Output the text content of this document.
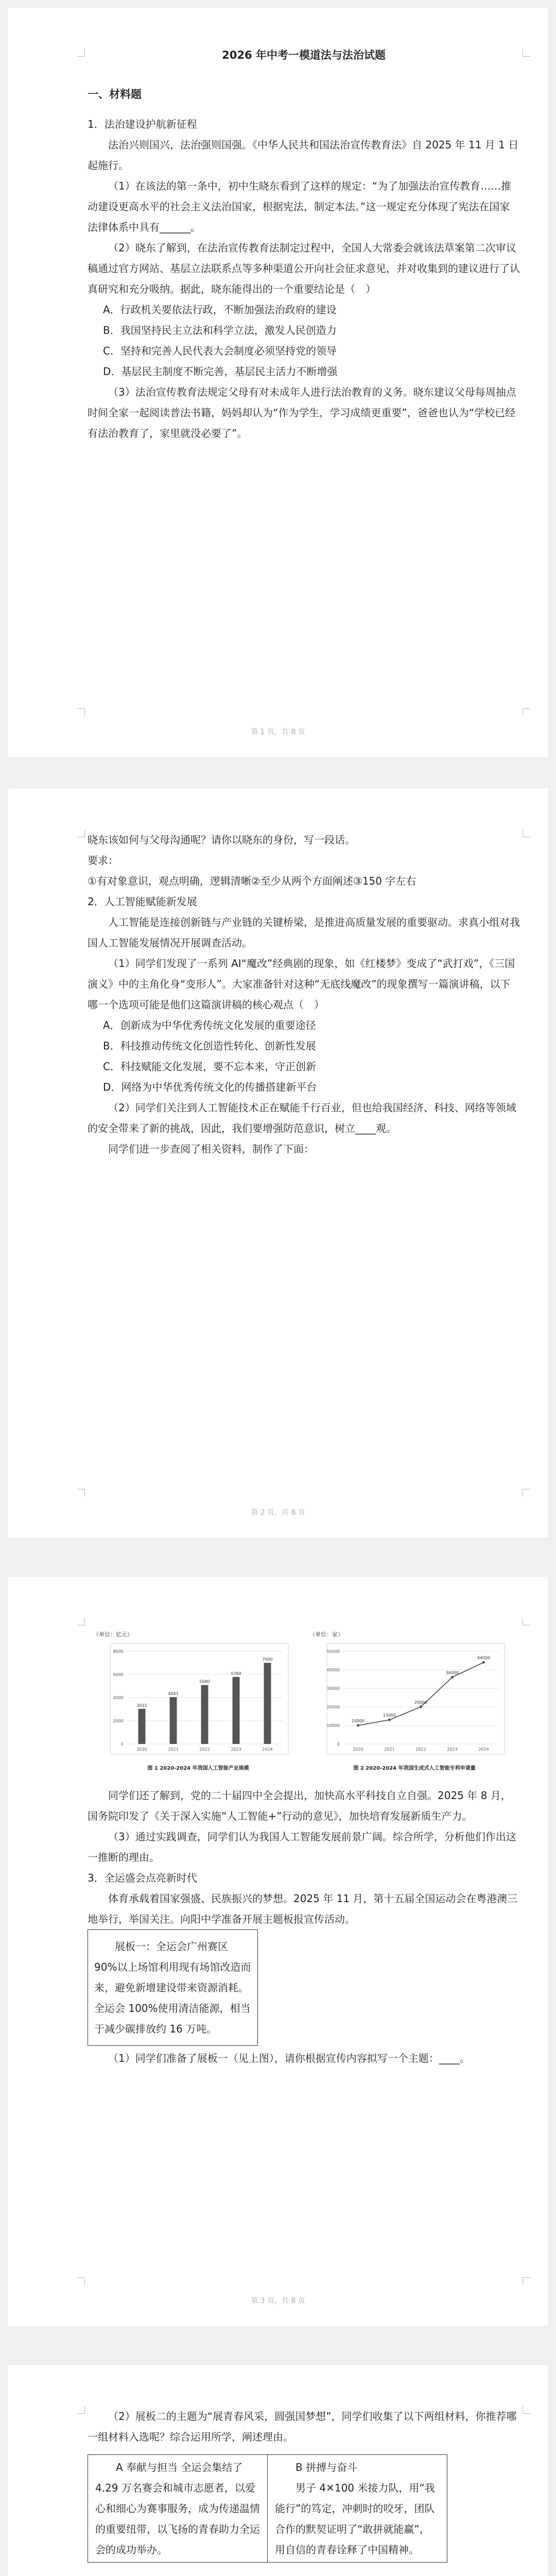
2026 年中考一模道法与法治试题

一、材料题

1．法治建设护航新征程

法治兴则国兴，法治强则国强。《中华人民共和国法治宣传教育法》自 2025 年 11 月 1 日起施行。

（1）在该法的第一条中，初中生晓东看到了这样的规定：“为了加强法治宣传教育……推动建设更高水平的社会主义法治国家，根据宪法，制定本法。”这一规定充分体现了宪法在国家法律体系中具有______。

（2）晓东了解到，在法治宣传教育法制定过程中，全国人大常委会就该法草案第二次审议稿通过官方网站、基层立法联系点等多种渠道公开向社会征求意见，并对收集到的建议进行了认真研究和充分吸纳。据此，晓东能得出的一个重要结论是（　）

A．行政机关要依法行政，不断加强法治政府的建设

B．我国坚持民主立法和科学立法，激发人民创造力

C．坚持和完善人民代表大会制度必须坚持党的领导

D．基层民主制度不断完善，基层民主活力不断增强

（3）法治宣传教育法规定父母有对未成年人进行法治教育的义务。晓东建议父母每周抽点时间全家一起阅读普法书籍，妈妈却认为“作为学生，学习成绩更重要”，爸爸也认为“学校已经有法治教育了，家里就没必要了”。

第 1 页，共 8 页

晓东该如何与父母沟通呢？请你以晓东的身份，写一段话。

要求：

①有对象意识，观点明确，逻辑清晰②至少从两个方面阐述③150 字左右

2．人工智能赋能新发展

人工智能是连接创新链与产业链的关键桥梁，是推进高质量发展的重要驱动。求真小组对我国人工智能发展情况开展调查活动。

（1）同学们发现了一系列 AI“魔改”经典剧的现象，如《红楼梦》变成了“武打戏”，《三国演义》中的主角化身“变形人”。大家准备针对这种“无底线魔改”的现象撰写一篇演讲稿，以下哪一个选项可能是他们这篇演讲稿的核心观点（　）

A．创新成为中华优秀传统文化发展的重要途径

B．科技推动传统文化创造性转化、创新性发展

C．科技赋能文化发展，要不忘本来，守正创新

D．网络为中华优秀传统文化的传播搭建新平台

（2）同学们关注到人工智能技术正在赋能千行百业，但也给我国经济、科技、网络等领域的安全带来了新的挑战，因此，我们要增强防范意识，树立____观。

同学们进一步查阅了相关资料，制作了下面：

第 2 页，共 8 页
（单位：亿元）
0
2000
4000
6000
8000
2020	2021	2022	2023	2024
3031
4041
5080
5784
7000
图 1 2020-2024 年我国人工智能产业规模
（单位：家）
0
10000
20000
30000
40000
50000
2020	2021	2022	2023	2024
10000
13000
20000
36000
44000
图 2 2020-2024 年我国生成式人工智能专利申请量

同学们还了解到，党的二十届四中全会提出，加快高水平科技自立自强。2025 年 8 月，国务院印发了《关于深入实施“人工智能+”行动的意见》，加快培育发展新质生产力。

（3）通过实践调查，同学们认为我国人工智能发展前景广阔。综合所学，分析他们作出这一推断的理由。

3．全运盛会点亮新时代

体育承载着国家强盛、民族振兴的梦想。2025 年 11 月，第十五届全国运动会在粤港澳三地举行，举国关注。向阳中学准备开展主题板报宣传活动。

展板一：全运会广州赛区 90%以上场馆利用现有场馆改造而来，避免新增建设带来资源消耗。全运会 100%使用清洁能源，相当于减少碳排放约 16 万吨。

（1）同学们准备了展板一（见上图），请你根据宣传内容拟写一个主题：____。

第 3 页，共 8 页

（2）展板二的主题为“展青春风采，圆强国梦想”，同学们收集了以下两组材料，你推荐哪一组材料入选呢？综合运用所学，阐述理由。

A 奉献与担当 全运会集结了 4.29 万名赛会和城市志愿者，以爱心和细心为赛事服务，成为传递温情的重要纽带，以飞扬的青春助力全运会的成功举办。

B 拼搏与奋斗
男子 4✕100 米接力队，用“我能行”的笃定，冲刺时的咬牙，团队合作的默契证明了“敢拼就能赢”，用自信的青春诠释了中国精神。
